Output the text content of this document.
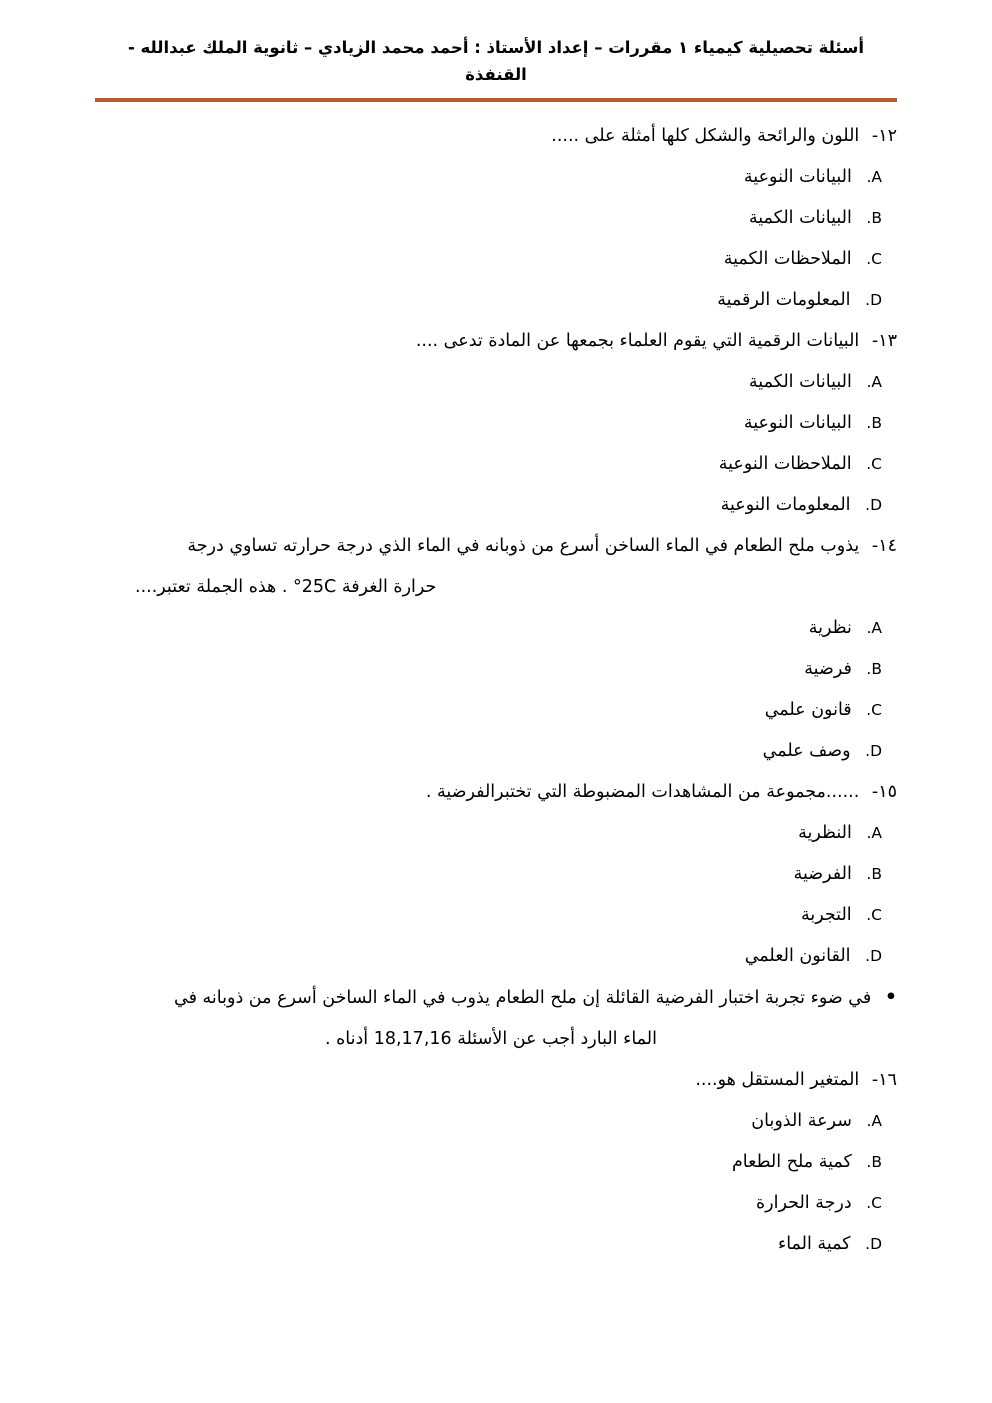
أسئلة تحصيلية كيمياء ١ مقررات – إعداد الأستاذ : أحمد محمد الزيادي – ثانوية الملك عبدالله - القنفذة

١٢- اللون والرائحة والشكل كلها أمثلة على .....

A. البيانات النوعية

B. البيانات الكمية

C. الملاحظات الكمية

D. المعلومات الرقمية

١٣- البيانات الرقمية التي يقوم العلماء بجمعها عن المادة تدعى ....

A. البيانات الكمية

B. البيانات النوعية

C. الملاحظات النوعية

D. المعلومات النوعية

١٤- يذوب ملح الطعام في الماء الساخن أسرع من ذوبانه في الماء الذي درجة حرارته تساوي درجة

حرارة الغرفة °25C . هذه الجملة تعتبر....

A. نظرية

B. فرضية

C. قانون علمي

D. وصف علمي

١٥- ......مجموعة من المشاهدات المضبوطة التي تختبرالفرضية .

A. النظرية

B. الفرضية

C. التجربة

D. القانون العلمي

• في ضوء تجربة اختبار الفرضية القائلة إن ملح الطعام يذوب في الماء الساخن أسرع من ذوبانه في

الماء البارد أجب عن الأسئلة 18,17,16 أدناه .

١٦- المتغير المستقل هو....

A. سرعة الذوبان

B. كمية ملح الطعام

C. درجة الحرارة

D. كمية الماء
